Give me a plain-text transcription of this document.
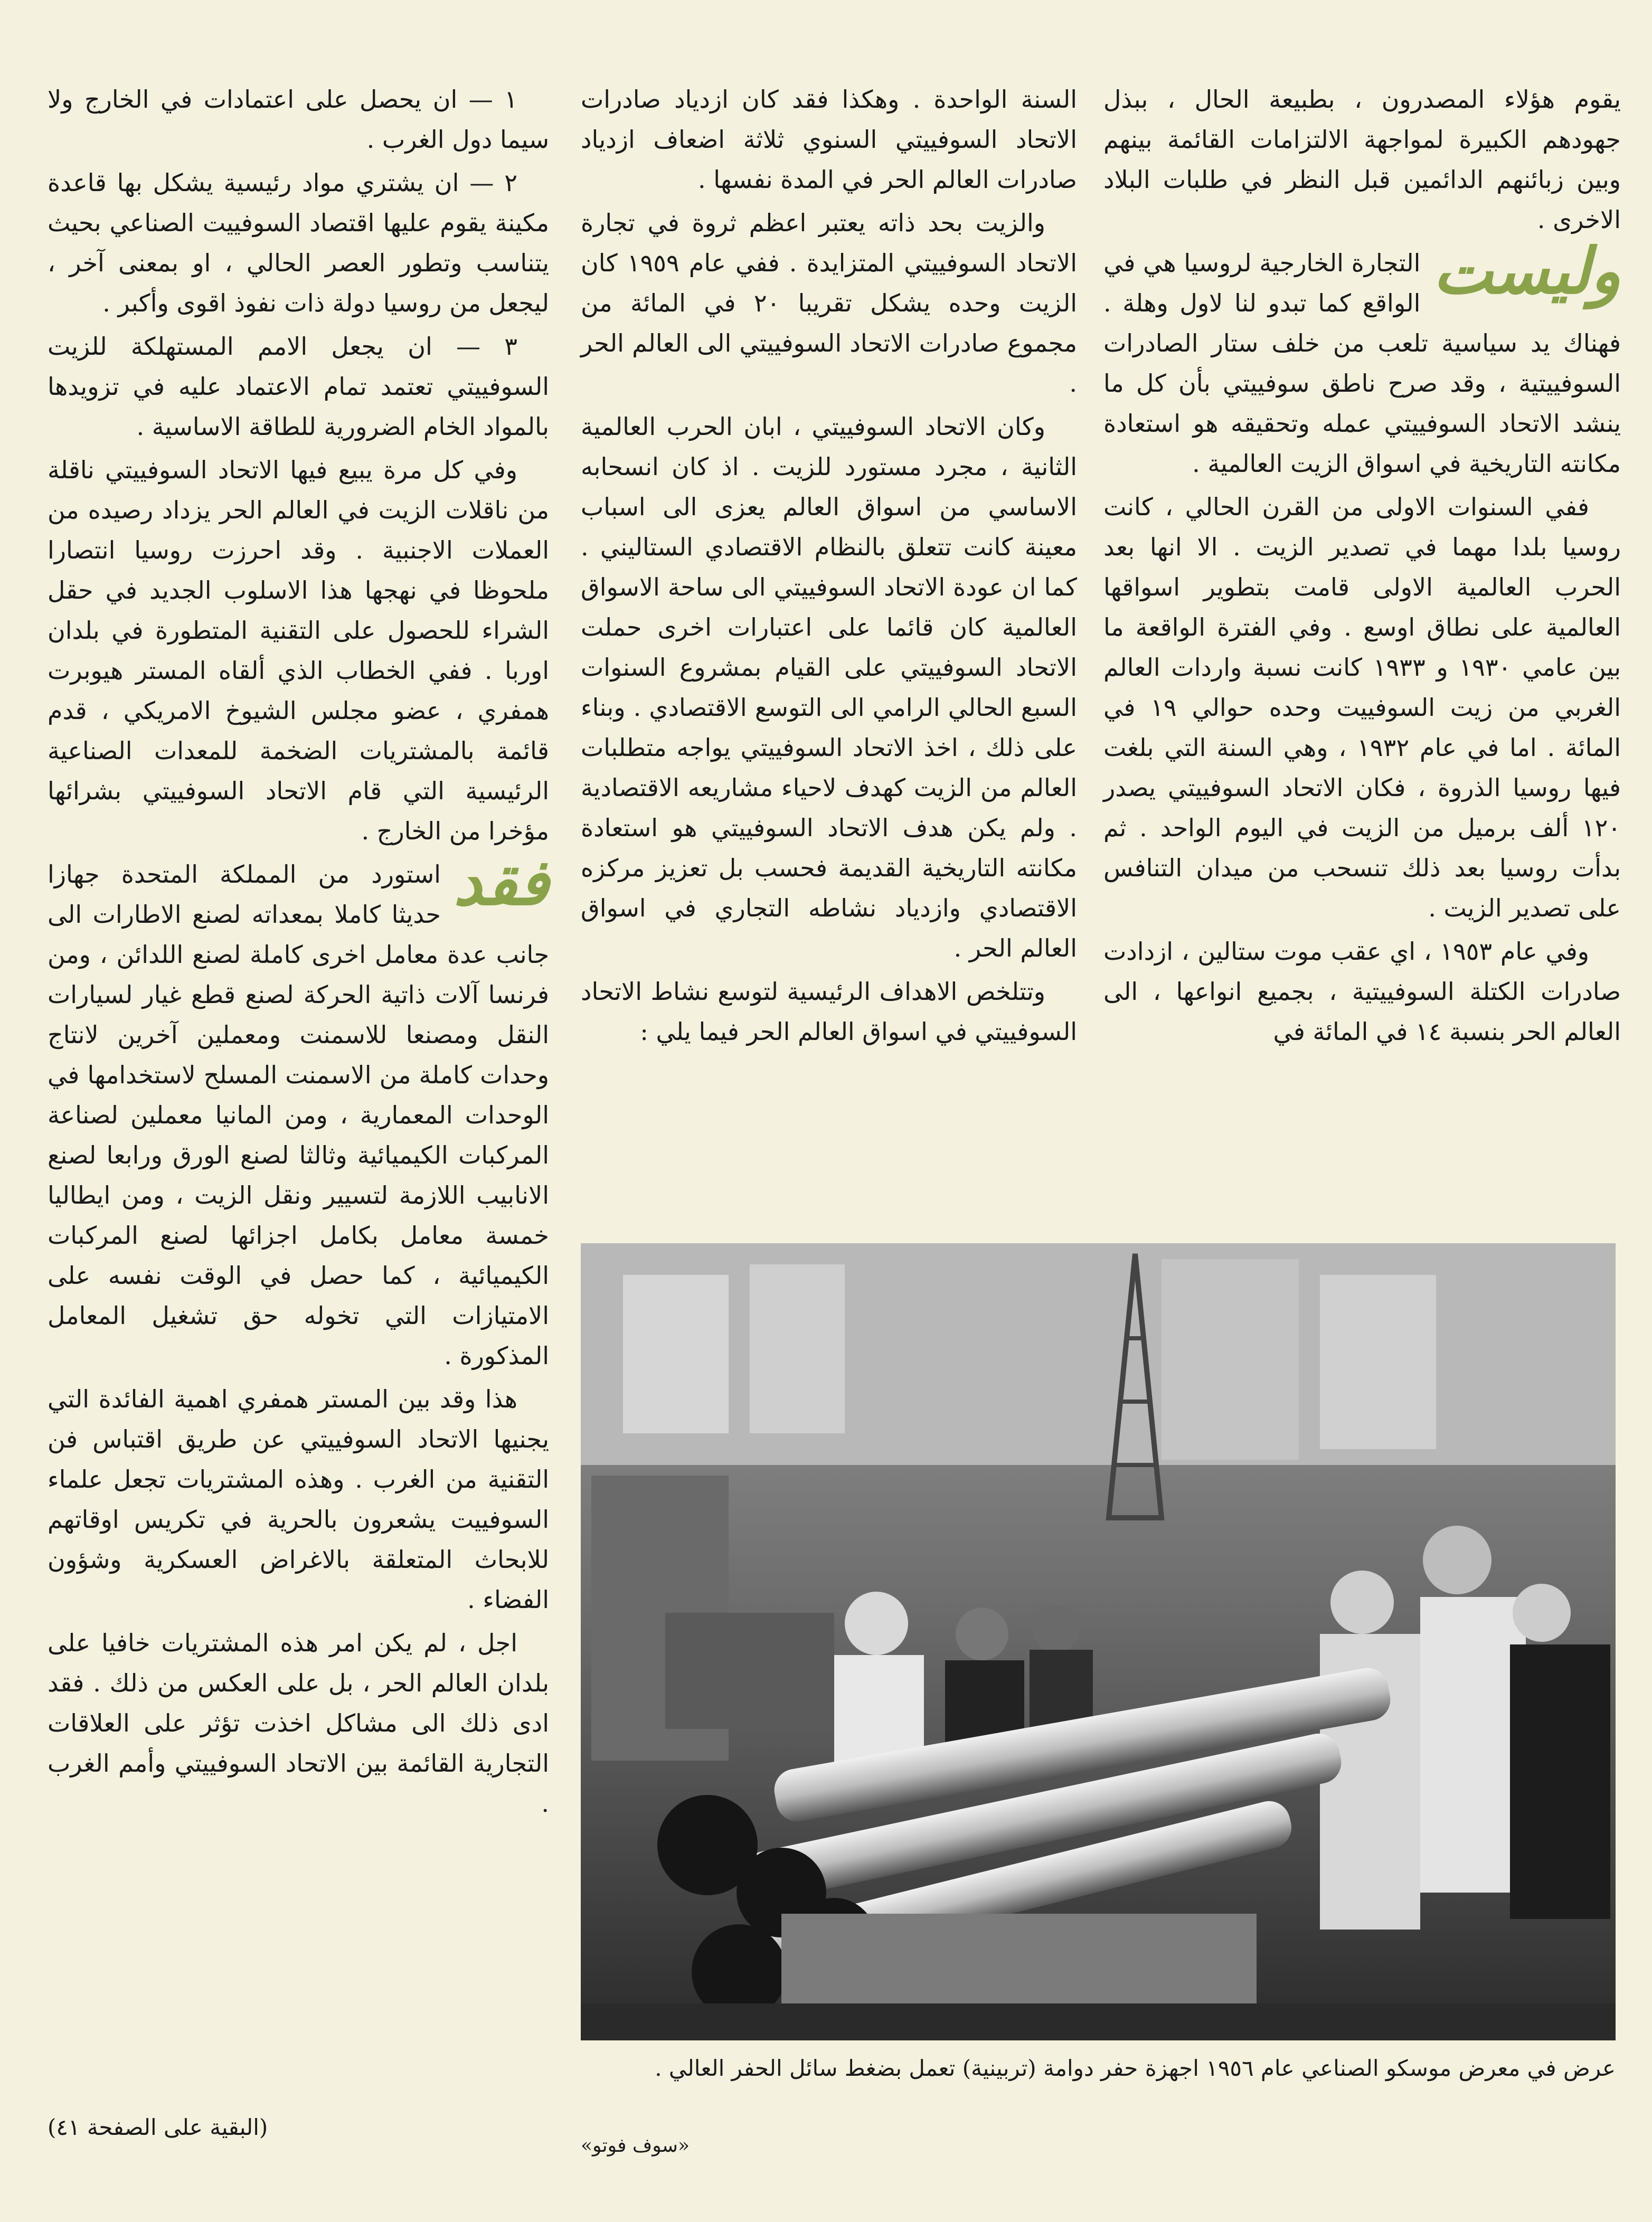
يقوم هؤلاء المصدرون ، بطبيعة الحال ، ببذل جهودهم الكبيرة لمواجهة الالتزامات القائمة بينهم وبين زبائنهم الدائمين قبل النظر في طلبات البلاد الاخرى .

وليست
التجارة الخارجية لروسيا هي في الواقع كما تبدو لنا لاول وهلة . فهناك يد سياسية تلعب من خلف ستار الصادرات السوفييتية ، وقد صرح ناطق سوفييتي بأن كل ما ينشد الاتحاد السوفييتي عمله وتحقيقه هو استعادة مكانته التاريخية في اسواق الزيت العالمية .

ففي السنوات الاولى من القرن الحالي ، كانت روسيا بلدا مهما في تصدير الزيت . الا انها بعد الحرب العالمية الاولى قامت بتطوير اسواقها العالمية على نطاق اوسع . وفي الفترة الواقعة ما بين عامي ١٩٣٠ و ١٩٣٣ كانت نسبة واردات العالم الغربي من زيت السوفييت وحده حوالي ١٩ في المائة . اما في عام ١٩٣٢ ، وهي السنة التي بلغت فيها روسيا الذروة ، فكان الاتحاد السوفييتي يصدر ١٢٠ ألف برميل من الزيت في اليوم الواحد . ثم بدأت روسيا بعد ذلك تنسحب من ميدان التنافس على تصدير الزيت .

وفي عام ١٩٥٣ ، اي عقب موت ستالين ، ازدادت صادرات الكتلة السوفييتية ، بجميع انواعها ، الى العالم الحر بنسبة ١٤ في المائة في

السنة الواحدة . وهكذا فقد كان ازدياد صادرات الاتحاد السوفييتي السنوي ثلاثة اضعاف ازدياد صادرات العالم الحر في المدة نفسها .

والزيت بحد ذاته يعتبر اعظم ثروة في تجارة الاتحاد السوفييتي المتزايدة . ففي عام ١٩٥٩ كان الزيت وحده يشكل تقريبا ٢٠ في المائة من مجموع صادرات الاتحاد السوفييتي الى العالم الحر .

وكان الاتحاد السوفييتي ، ابان الحرب العالمية الثانية ، مجرد مستورد للزيت . اذ كان انسحابه الاساسي من اسواق العالم يعزى الى اسباب معينة كانت تتعلق بالنظام الاقتصادي الستاليني . كما ان عودة الاتحاد السوفييتي الى ساحة الاسواق العالمية كان قائما على اعتبارات اخرى حملت الاتحاد السوفييتي على القيام بمشروع السنوات السبع الحالي الرامي الى التوسع الاقتصادي . وبناء على ذلك ، اخذ الاتحاد السوفييتي يواجه متطلبات العالم من الزيت كهدف لاحياء مشاريعه الاقتصادية . ولم يكن هدف الاتحاد السوفييتي هو استعادة مكانته التاريخية القديمة فحسب بل تعزيز مركزه الاقتصادي وازدياد نشاطه التجاري في اسواق العالم الحر .

وتتلخص الاهداف الرئيسية لتوسع نشاط الاتحاد السوفييتي في اسواق العالم الحر فيما يلي :

١ — ان يحصل على اعتمادات في الخارج ولا سيما دول الغرب .

٢ — ان يشتري مواد رئيسية يشكل بها قاعدة مكينة يقوم عليها اقتصاد السوفييت الصناعي بحيث يتناسب وتطور العصر الحالي ، او بمعنى آخر ، ليجعل من روسيا دولة ذات نفوذ اقوى وأكبر .

٣ — ان يجعل الامم المستهلكة للزيت السوفييتي تعتمد تمام الاعتماد عليه في تزويدها بالمواد الخام الضرورية للطاقة الاساسية .

وفي كل مرة يبيع فيها الاتحاد السوفييتي ناقلة من ناقلات الزيت في العالم الحر يزداد رصيده من العملات الاجنبية . وقد احرزت روسيا انتصارا ملحوظا في نهجها هذا الاسلوب الجديد في حقل الشراء للحصول على التقنية المتطورة في بلدان اوربا . ففي الخطاب الذي ألقاه المستر هيوبرت همفري ، عضو مجلس الشيوخ الامريكي ، قدم قائمة بالمشتريات الضخمة للمعدات الصناعية الرئيسية التي قام الاتحاد السوفييتي بشرائها مؤخرا من الخارج .

فقد
استورد من المملكة المتحدة جهازا حديثا كاملا بمعداته لصنع الاطارات الى جانب عدة معامل اخرى كاملة لصنع اللدائن ، ومن فرنسا آلات ذاتية الحركة لصنع قطع غيار لسيارات النقل ومصنعا للاسمنت ومعملين آخرين لانتاج وحدات كاملة من الاسمنت المسلح لاستخدامها في الوحدات المعمارية ، ومن المانيا معملين لصناعة المركبات الكيميائية وثالثا لصنع الورق ورابعا لصنع الانابيب اللازمة لتسيير ونقل الزيت ، ومن ايطاليا خمسة معامل بكامل اجزائها لصنع المركبات الكيميائية ، كما حصل في الوقت نفسه على الامتيازات التي تخوله حق تشغيل المعامل المذكورة .

هذا وقد بين المستر همفري اهمية الفائدة التي يجنيها الاتحاد السوفييتي عن طريق اقتباس فن التقنية من الغرب . وهذه المشتريات تجعل علماء السوفييت يشعرون بالحرية في تكريس اوقاتهم للابحاث المتعلقة بالاغراض العسكرية وشؤون الفضاء .

اجل ، لم يكن امر هذه المشتريات خافيا على بلدان العالم الحر ، بل على العكس من ذلك . فقد ادى ذلك الى مشاكل اخذت تؤثر على العلاقات التجارية القائمة بين الاتحاد السوفييتي وأمم الغرب .

عرض في معرض موسكو الصناعي عام ١٩٥٦ اجهزة حفر دوامة (تربينية) تعمل بضغط سائل الحفر العالي .
«سوف فوتو»
(البقية على الصفحة ٤١)
